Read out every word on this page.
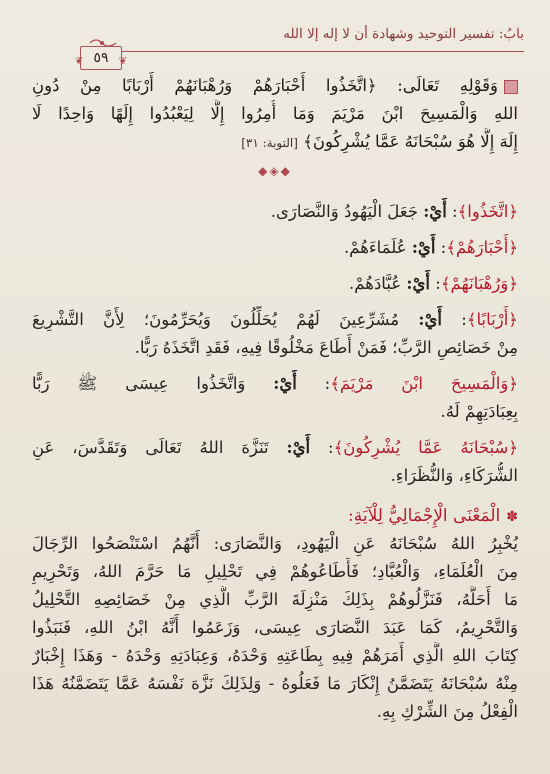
بابُ: تفسير التوحيد وشهادة أن لا إله إلا الله
❦ ٥٩ ❦
وَقَوْلِهِ تَعَالَى: ﴿اتَّخَذُوا أَحْبَارَهُمْ وَرُهْبَانَهُمْ أَرْبَابًا مِنْ دُونِ
اللهِ وَالْمَسِيحَ ابْنَ مَرْيَمَ وَمَا أُمِرُوا إِلَّا لِيَعْبُدُوا إِلَهًا وَاحِدًا لَا
إِلَهَ إِلَّا هُوَ سُبْحَانَهُ عَمَّا يُشْرِكُونَ﴾ [التوبة: ٣١]
◆◈◆
﴿اتَّخَذُوا﴾: أَيْ: جَعَلَ الْيَهُودُ وَالنَّصَارَى.
﴿أَحْبَارَهُمْ﴾: أَيْ: عُلَمَاءَهُمْ.
﴿وَرُهْبَانَهُمْ﴾: أَيْ: عُبَّادَهُمْ.
﴿أَرْبَابًا﴾: أَيْ: مُشَرِّعِينَ لَهُمْ يُحَلِّلُونَ وَيُحَرِّمُونَ؛ لِأَنَّ التَّشْرِيعَ
مِنْ خَصَائِصِ الرَّبِّ؛ فَمَنْ أَطَاعَ مَخْلُوقًا فِيهِ، فَقَدِ اتَّخَذَهُ رَبًّا.
﴿وَالْمَسِيحَ ابْنَ مَرْيَمَ﴾: أَيْ: وَاتَّخَذُوا عِيسَى ﷺ رَبًّا
بِعِبَادَتِهِمْ لَهُ.
﴿سُبْحَانَهُ عَمَّا يُشْرِكُونَ﴾: أَيْ: تَنَزَّهَ اللهُ تَعَالَى وَتَقَدَّسَ، عَنِ
الشُّرَكَاءِ، وَالنُّظَرَاءِ.
✽الْمَعْنَى الْإِجْمَالِيُّ لِلْآيَةِ:
يُخْبِرُ اللهُ سُبْحَانَهُ عَنِ الْيَهُودِ، وَالنَّصَارَى: أَنَّهُمُ اسْتَنْصَحُوا الرِّجَالَ
مِنَ الْعُلَمَاءِ، وَالْعُبَّادِ؛ فَأَطَاعُوهُمْ فِي تَحْلِيلِ مَا حَرَّمَ اللهُ، وَتَحْرِيمِ
مَا أَحَلَّهُ، فَنَزَّلُوهُمْ بِذَلِكَ مَنْزِلَةَ الرَّبِّ الَّذِي مِنْ خَصَائِصِهِ التَّحْلِيلُ
وَالتَّحْرِيمُ، كَمَا عَبَدَ النَّصَارَى عِيسَى، وَزَعَمُوا أَنَّهُ ابْنُ اللهِ، فَنَبَذُوا
كِتَابَ اللهِ الَّذِي أَمَرَهُمْ فِيهِ بِطَاعَتِهِ وَحْدَهُ، وَعِبَادَتِهِ وَحْدَهُ - وَهَذَا إِخْبَارٌ
مِنْهُ سُبْحَانَهُ يَتَضَمَّنُ إِنْكَارَ مَا فَعَلُوهُ - وَلِذَلِكَ نَزَّهَ نَفْسَهُ عَمَّا يَتَضَمَّنُهُ هَذَا
الْفِعْلُ مِنَ الشِّرْكِ بِهِ.
